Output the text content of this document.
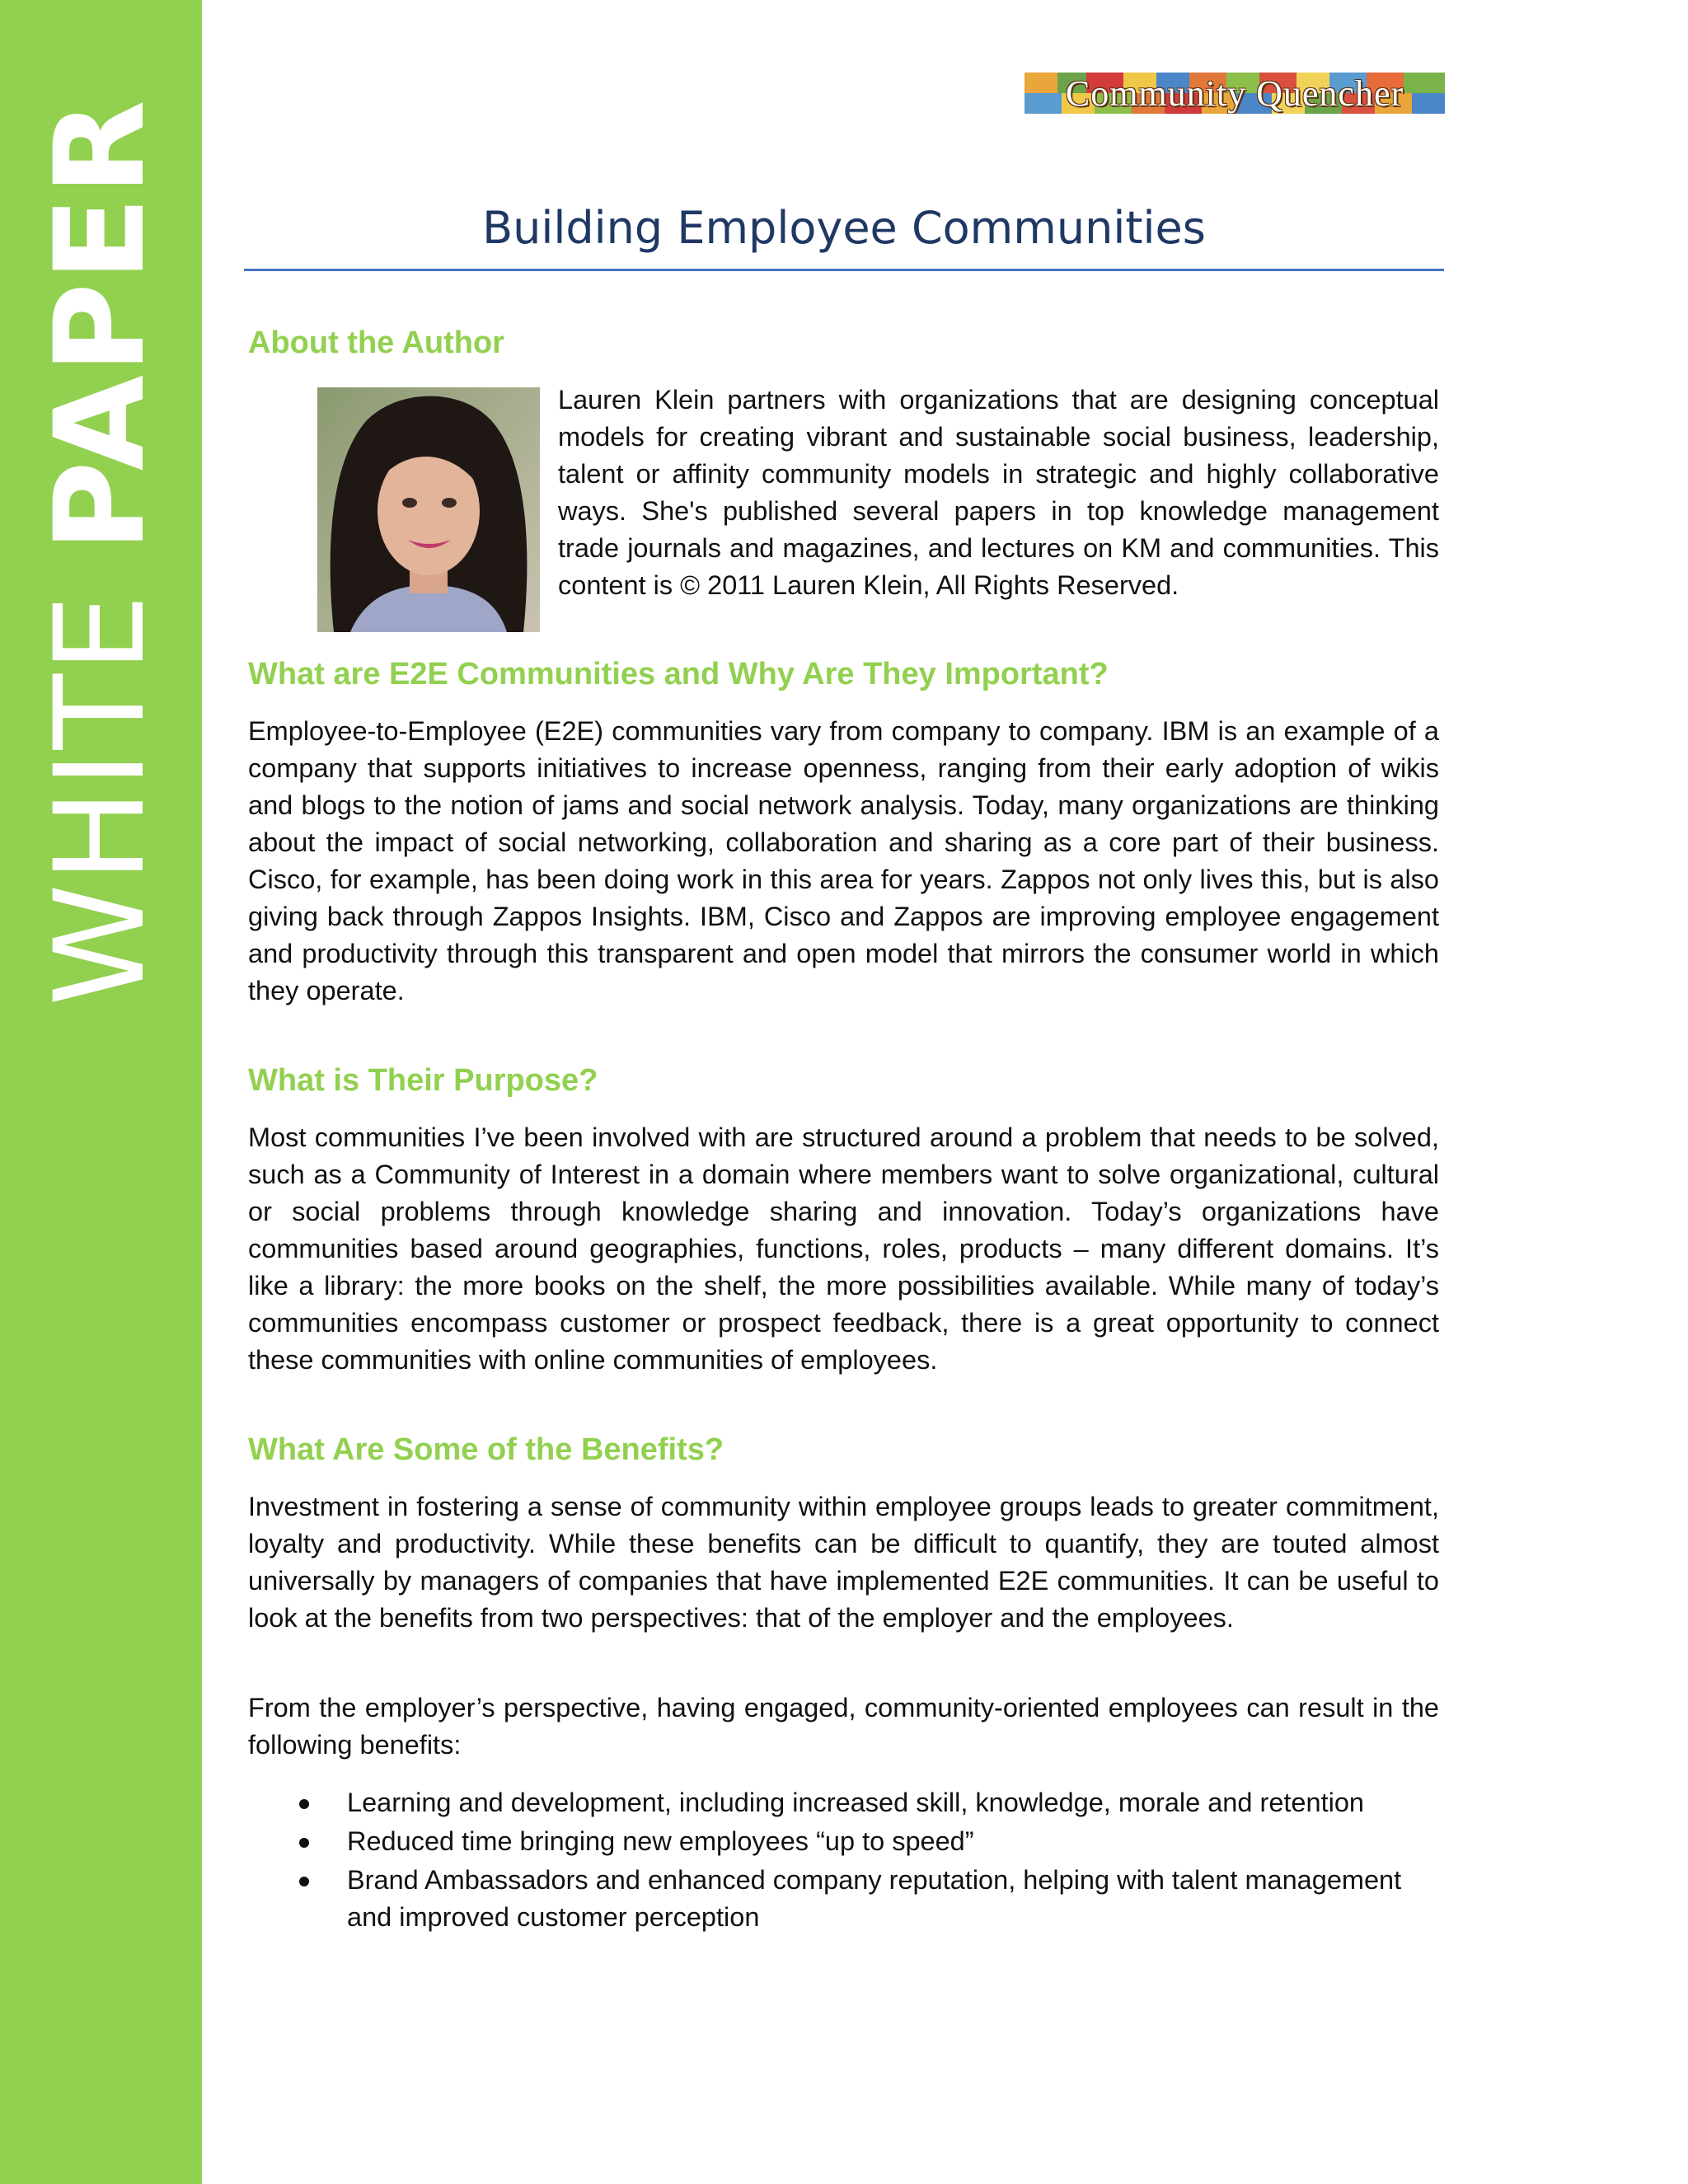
WHITE PAPER
Community Quencher
Building Employee Communities
About the Author

Lauren Klein partners with organizations that are designing conceptual models for creating vibrant and sustainable social business, leadership, talent or affinity community models in strategic and highly collaborative ways. She's published several papers in top knowledge management trade journals and magazines, and lectures on KM and communities. This content is © 2011 Lauren Klein, All Rights Reserved.

What are E2E Communities and Why Are They Important?

Employee-to-Employee (E2E) communities vary from company to company. IBM is an example of a company that supports initiatives to increase openness, ranging from their early adoption of wikis and blogs to the notion of jams and social network analysis. Today, many organizations are thinking about the impact of social networking, collaboration and sharing as a core part of their business. Cisco, for example, has been doing work in this area for years. Zappos not only lives this, but is also giving back through Zappos Insights. IBM, Cisco and Zappos are improving employee engagement and productivity through this transparent and open model that mirrors the consumer world in which they operate.

What is Their Purpose?

Most communities I’ve been involved with are structured around a problem that needs to be solved, such as a Community of Interest in a domain where members want to solve organizational, cultural or social problems through knowledge sharing and innovation. Today’s organizations have communities based around geographies, functions, roles, products – many different domains. It’s like a library: the more books on the shelf, the more possibilities available. While many of today’s communities encompass customer or prospect feedback, there is a great opportunity to connect these communities with online communities of employees.

What Are Some of the Benefits?

Investment in fostering a sense of community within employee groups leads to greater commitment, loyalty and productivity. While these benefits can be difficult to quantify, they are touted almost universally by managers of companies that have implemented E2E communities. It can be useful to look at the benefits from two perspectives: that of the employer and the employees.

From the employer’s perspective, having engaged, community-oriented employees can result in the following benefits:

Learning and development, including increased skill, knowledge, morale and retention
Reduced time bringing new employees “up to speed”
Brand Ambassadors and enhanced company reputation, helping with talent management and improved customer perception
